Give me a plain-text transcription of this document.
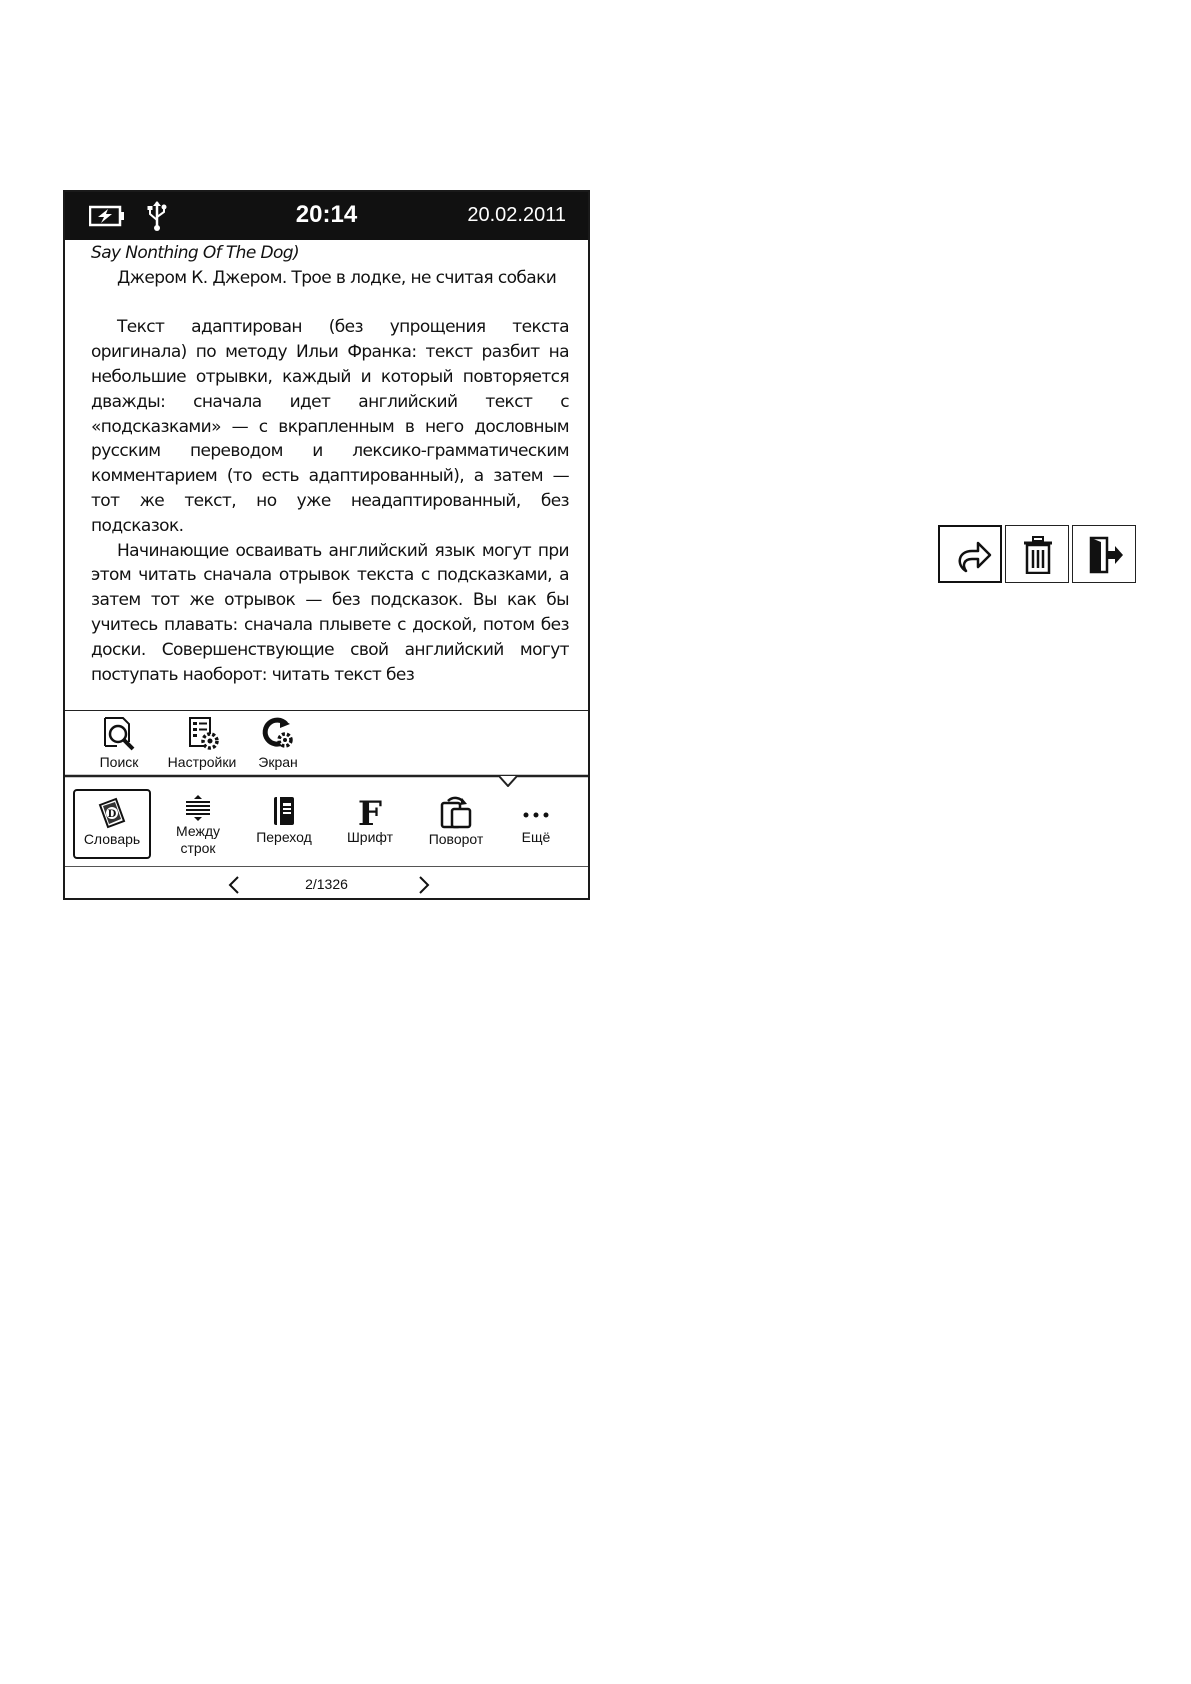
20:14	20.02.2011

Say Nonthing Of The Dog)

Джером К. Джером. Трое в лодке, не считая собаки

Текст адаптирован (без упрощения текста оригинала) по методу Ильи Франка: текст разбит на небольшие отрывки, каждый и который повторяется дважды: сначала идет английский текст с «подсказками» — с вкрапленным в него дословным русским переводом и лексико-грамматическим комментарием (то есть адаптированный), а затем — тот же текст, но уже неадаптированный, без подсказок.

Начинающие осваивать английский язык могут при этом читать сначала отрывок текста с подсказками, а затем тот же отрывок — без подсказок. Вы как бы учитесь плавать: сначала плывете с доской, потом без доски. Совершенствующие свой английский могут поступать наоборот: читать текст без

Поиск	Настройки	Экран
D
Словарь	Между
строк
Переход
F
Шрифт	Поворот	Ещё
2/1326
